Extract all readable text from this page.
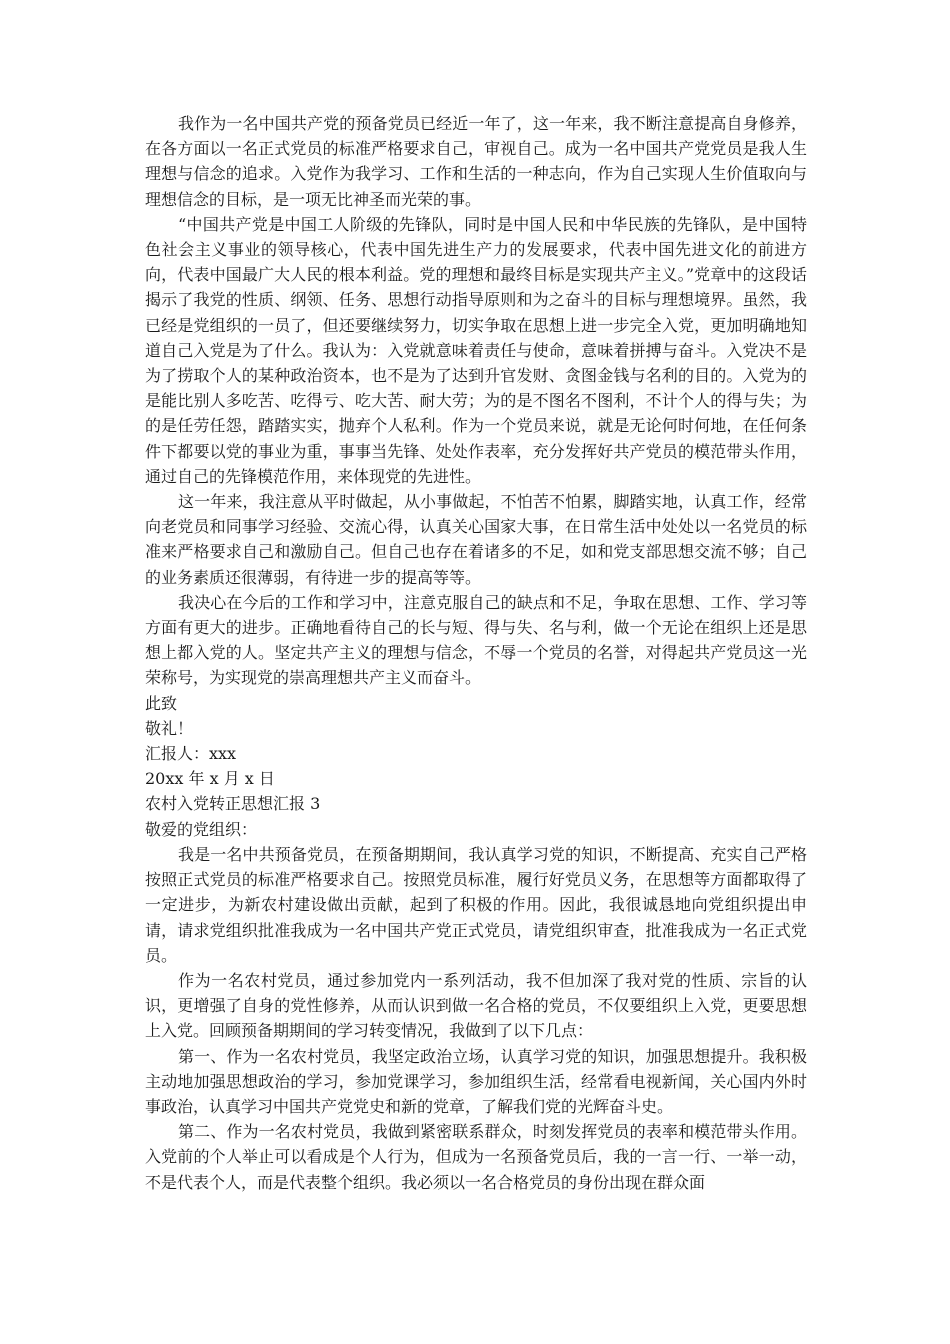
我作为一名中国共产党的预备党员已经近一年了，这一年来，我不断注意提高自身修养，在各方面以一名正式党员的标准严格要求自己，审视自己。成为一名中国共产党党员是我人生理想与信念的追求。入党作为我学习、工作和生活的一种志向，作为自己实现人生价值取向与理想信念的目标，是一项无比神圣而光荣的事。

“中国共产党是中国工人阶级的先锋队，同时是中国人民和中华民族的先锋队，是中国特色社会主义事业的领导核心，代表中国先进生产力的发展要求，代表中国先进文化的前进方向，代表中国最广大人民的根本利益。党的理想和最终目标是实现共产主义。”党章中的这段话揭示了我党的性质、纲领、任务、思想行动指导原则和为之奋斗的目标与理想境界。虽然，我已经是党组织的一员了，但还要继续努力，切实争取在思想上进一步完全入党，更加明确地知道自己入党是为了什么。我认为：入党就意味着责任与使命，意味着拼搏与奋斗。入党决不是为了捞取个人的某种政治资本，也不是为了达到升官发财、贪图金钱与名利的目的。入党为的是能比别人多吃苦、吃得亏、吃大苦、耐大劳；为的是不图名不图利，不计个人的得与失；为的是任劳任怨，踏踏实实，抛弃个人私利。作为一个党员来说，就是无论何时何地，在任何条件下都要以党的事业为重，事事当先锋、处处作表率，充分发挥好共产党员的模范带头作用，通过自己的先锋模范作用，来体现党的先进性。

这一年来，我注意从平时做起，从小事做起，不怕苦不怕累，脚踏实地，认真工作，经常向老党员和同事学习经验、交流心得，认真关心国家大事，在日常生活中处处以一名党员的标准来严格要求自己和激励自己。但自己也存在着诸多的不足，如和党支部思想交流不够；自己的业务素质还很薄弱，有待进一步的提高等等。

我决心在今后的工作和学习中，注意克服自己的缺点和不足，争取在思想、工作、学习等方面有更大的进步。正确地看待自己的长与短、得与失、名与利，做一个无论在组织上还是思想上都入党的人。坚定共产主义的理想与信念，不辱一个党员的名誉，对得起共产党员这一光荣称号，为实现党的崇高理想共产主义而奋斗。

此致

敬礼！

汇报人：xxx

20xx 年 x 月 x 日

农村入党转正思想汇报 3

敬爱的党组织：

我是一名中共预备党员，在预备期期间，我认真学习党的知识，不断提高、充实自己严格按照正式党员的标准严格要求自己。按照党员标准，履行好党员义务，在思想等方面都取得了一定进步，为新农村建设做出贡献，起到了积极的作用。因此，我很诚恳地向党组织提出申请，请求党组织批准我成为一名中国共产党正式党员，请党组织审查，批准我成为一名正式党员。

作为一名农村党员，通过参加党内一系列活动，我不但加深了我对党的性质、宗旨的认识，更增强了自身的党性修养，从而认识到做一名合格的党员，不仅要组织上入党，更要思想上入党。回顾预备期期间的学习转变情况，我做到了以下几点：

第一、作为一名农村党员，我坚定政治立场，认真学习党的知识，加强思想提升。我积极主动地加强思想政治的学习，参加党课学习，参加组织生活，经常看电视新闻，关心国内外时事政治，认真学习中国共产党党史和新的党章，了解我们党的光辉奋斗史。

第二、作为一名农村党员，我做到紧密联系群众，时刻发挥党员的表率和模范带头作用。入党前的个人举止可以看成是个人行为，但成为一名预备党员后，我的一言一行、一举一动，不是代表个人，而是代表整个组织。我必须以一名合格党员的身份出现在群众面
